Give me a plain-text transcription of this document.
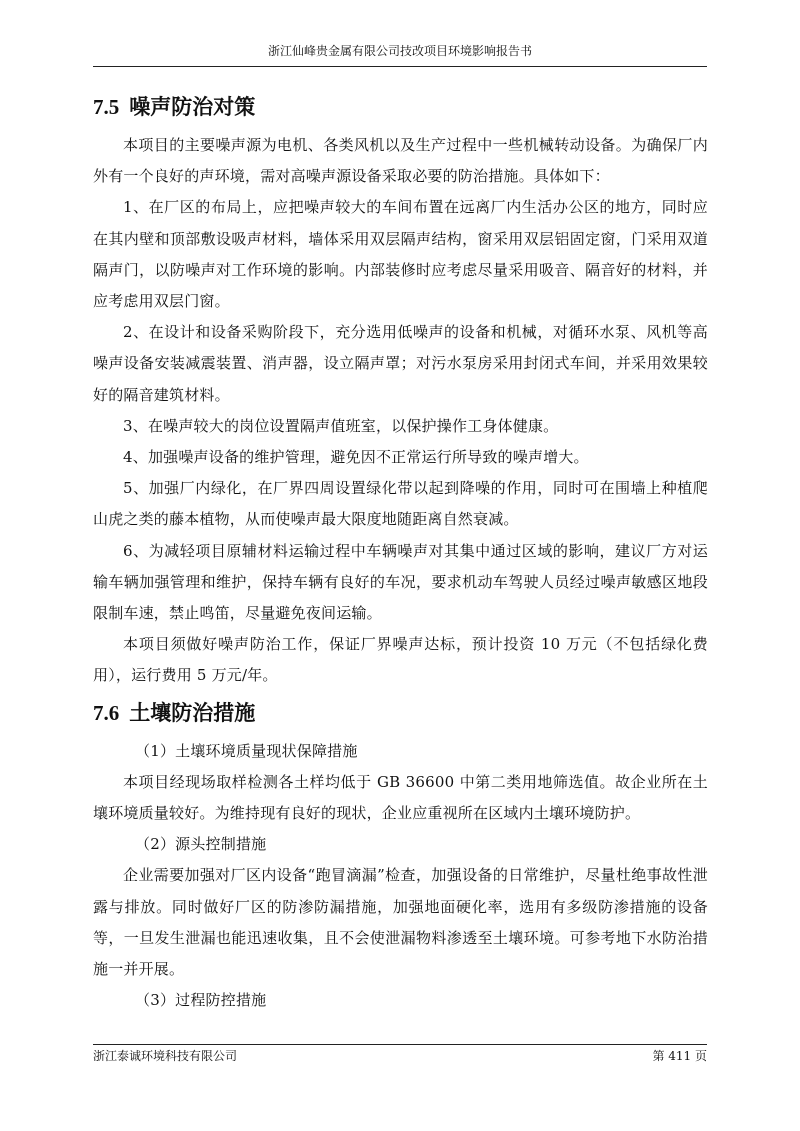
浙江仙峰贵金属有限公司技改项目环境影响报告书
7.5 噪声防治对策

本项目的主要噪声源为电机、各类风机以及生产过程中一些机械转动设备。为确保厂内外有一个良好的声环境，需对高噪声源设备采取必要的防治措施。具体如下：

1、在厂区的布局上，应把噪声较大的车间布置在远离厂内生活办公区的地方，同时应在其内壁和顶部敷设吸声材料，墙体采用双层隔声结构，窗采用双层铝固定窗，门采用双道隔声门，以防噪声对工作环境的影响。内部装修时应考虑尽量采用吸音、隔音好的材料，并应考虑用双层门窗。

2、在设计和设备采购阶段下，充分选用低噪声的设备和机械，对循环水泵、风机等高噪声设备安装减震装置、消声器，设立隔声罩；对污水泵房采用封闭式车间，并采用效果较好的隔音建筑材料。

3、在噪声较大的岗位设置隔声值班室，以保护操作工身体健康。

4、加强噪声设备的维护管理，避免因不正常运行所导致的噪声增大。

5、加强厂内绿化，在厂界四周设置绿化带以起到降噪的作用，同时可在围墙上种植爬山虎之类的藤本植物，从而使噪声最大限度地随距离自然衰减。

6、为减轻项目原辅材料运输过程中车辆噪声对其集中通过区域的影响，建议厂方对运输车辆加强管理和维护，保持车辆有良好的车况，要求机动车驾驶人员经过噪声敏感区地段限制车速，禁止鸣笛，尽量避免夜间运输。

本项目须做好噪声防治工作，保证厂界噪声达标，预计投资 10 万元（不包括绿化费用），运行费用 5 万元/年。

7.6 土壤防治措施

（1）土壤环境质量现状保障措施

本项目经现场取样检测各土样均低于 GB 36600 中第二类用地筛选值。故企业所在土壤环境质量较好。为维持现有良好的现状，企业应重视所在区域内土壤环境防护。

（2）源头控制措施

企业需要加强对厂区内设备“跑冒滴漏”检查，加强设备的日常维护，尽量杜绝事故性泄露与排放。同时做好厂区的防渗防漏措施，加强地面硬化率，选用有多级防渗措施的设备等，一旦发生泄漏也能迅速收集，且不会使泄漏物料渗透至土壤环境。可参考地下水防治措施一并开展。

（3）过程防控措施

浙江泰诚环境科技有限公司	第 411 页
